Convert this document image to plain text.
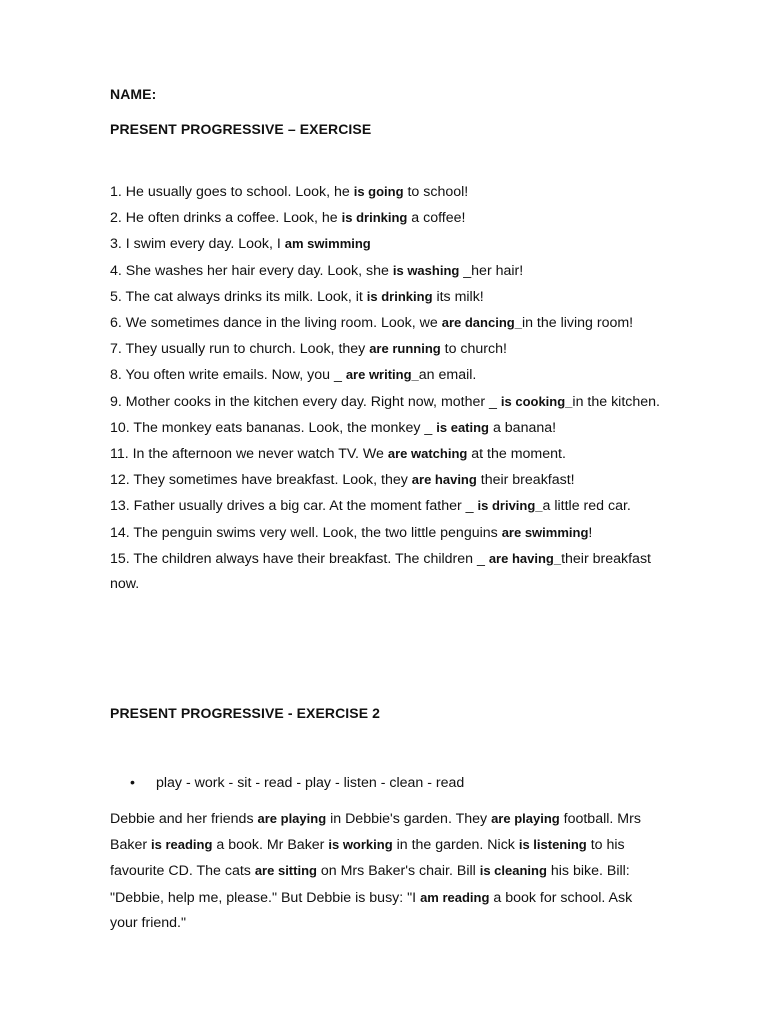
NAME:
PRESENT PROGRESSIVE – EXERCISE
1. He usually goes to school. Look, he is going to school!
2. He often drinks a coffee. Look, he is drinking a coffee!
3. I swim every day. Look, I am swimming
4. She washes her hair every day. Look, she is washing _her hair!
5. The cat always drinks its milk. Look, it is drinking its milk!
6. We sometimes dance in the living room. Look, we are dancing_in the living room!
7. They usually run to church. Look, they are running to church!
8. You often write emails. Now, you _ are writing_an email.
9. Mother cooks in the kitchen every day. Right now, mother _ is cooking_in the kitchen.
10. The monkey eats bananas. Look, the monkey _ is eating a banana!
11. In the afternoon we never watch TV. We are watching at the moment.
12. They sometimes have breakfast. Look, they are having their breakfast!
13. Father usually drives a big car. At the moment father _ is driving_a little red car.
14. The penguin swims very well. Look, the two little penguins are swimming!
15. The children always have their breakfast. The children _ are having_their breakfast now.
PRESENT PROGRESSIVE - EXERCISE 2
• play - work - sit - read - play - listen - clean - read
Debbie and her friends are playing in Debbie's garden. They are playing football. Mrs Baker is reading a book. Mr Baker is working in the garden. Nick is listening to his favourite CD. The cats are sitting on Mrs Baker's chair. Bill is cleaning his bike. Bill: "Debbie, help me, please." But Debbie is busy: "I am reading a book for school. Ask your friend."
